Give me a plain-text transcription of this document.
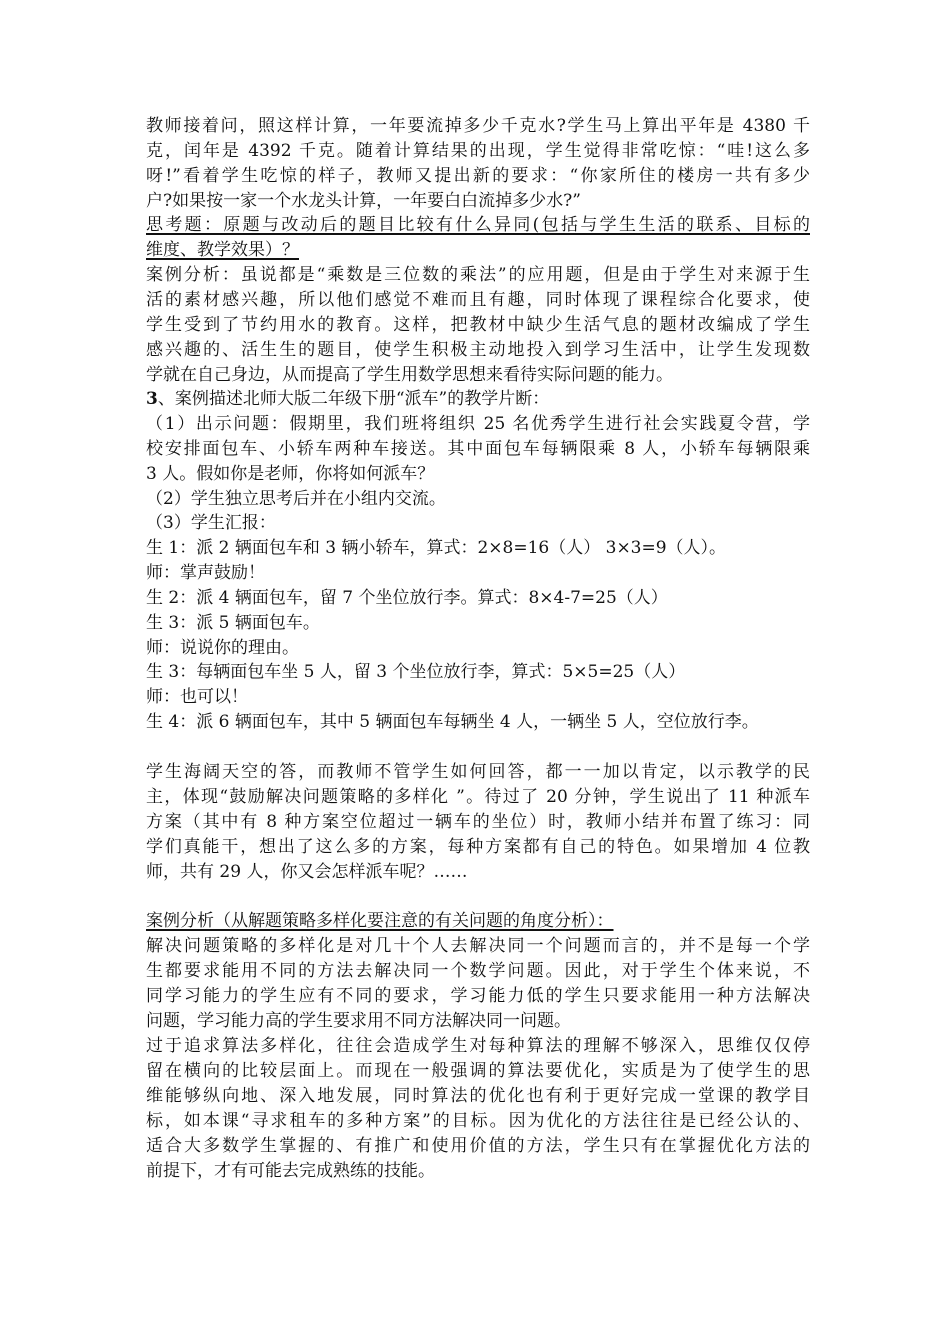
教师接着问，照这样计算，一年要流掉多少千克水?学生马上算出平年是 4380 千
克，闰年是 4392 千克。随着计算结果的出现，学生觉得非常吃惊：“哇!这么多
呀!”看着学生吃惊的样子，教师又提出新的要求：“你家所住的楼房一共有多少
户?如果按一家一个水龙头计算，一年要白白流掉多少水?”
思考题：原题与改动后的题目比较有什么异同(包括与学生生活的联系、目标的
维度、教学效果）？
案例分析：虽说都是“乘数是三位数的乘法”的应用题，但是由于学生对来源于生
活的素材感兴趣，所以他们感觉不难而且有趣，同时体现了课程综合化要求，使
学生受到了节约用水的教育。这样，把教材中缺少生活气息的题材改编成了学生
感兴趣的、活生生的题目，使学生积极主动地投入到学习生活中，让学生发现数
学就在自己身边，从而提高了学生用数学思想来看待实际问题的能力。
3、案例描述北师大版二年级下册“派车”的教学片断：
（1）出示问题：假期里，我们班将组织 25 名优秀学生进行社会实践夏令营，学
校安排面包车、小轿车两种车接送。其中面包车每辆限乘 8 人，小轿车每辆限乘
3 人。假如你是老师，你将如何派车？
（2）学生独立思考后并在小组内交流。
（3）学生汇报：
生 1：派 2 辆面包车和 3 辆小轿车，算式：2×8=16（人） 3×3=9（人）。
师：掌声鼓励！
生 2：派 4 辆面包车，留 7 个坐位放行李。算式：8×4-7=25（人）
生 3：派 5 辆面包车。
师：说说你的理由。
生 3：每辆面包车坐 5 人，留 3 个坐位放行李，算式：5×5=25（人）
师：也可以！
生 4：派 6 辆面包车，其中 5 辆面包车每辆坐 4 人，一辆坐 5 人，空位放行李。
学生海阔天空的答，而教师不管学生如何回答，都一一加以肯定，以示教学的民
主，体现“鼓励解决问题策略的多样化 ”。待过了 20 分钟，学生说出了 11 种派车
方案（其中有 8 种方案空位超过一辆车的坐位）时，教师小结并布置了练习：同
学们真能干，想出了这么多的方案，每种方案都有自己的特色。如果增加 4 位教
师，共有 29 人，你又会怎样派车呢？……
案例分析（从解题策略多样化要注意的有关问题的角度分析）：
解决问题策略的多样化是对几十个人去解决同一个问题而言的，并不是每一个学
生都要求能用不同的方法去解决同一个数学问题。因此，对于学生个体来说，不
同学习能力的学生应有不同的要求，学习能力低的学生只要求能用一种方法解决
问题，学习能力高的学生要求用不同方法解决同一问题。
过于追求算法多样化，往往会造成学生对每种算法的理解不够深入，思维仅仅停
留在横向的比较层面上。而现在一般强调的算法要优化，实质是为了使学生的思
维能够纵向地、深入地发展，同时算法的优化也有利于更好完成一堂课的教学目
标，如本课“寻求租车的多种方案”的目标。因为优化的方法往往是已经公认的、
适合大多数学生掌握的、有推广和使用价值的方法，学生只有在掌握优化方法的
前提下，才有可能去完成熟练的技能。
